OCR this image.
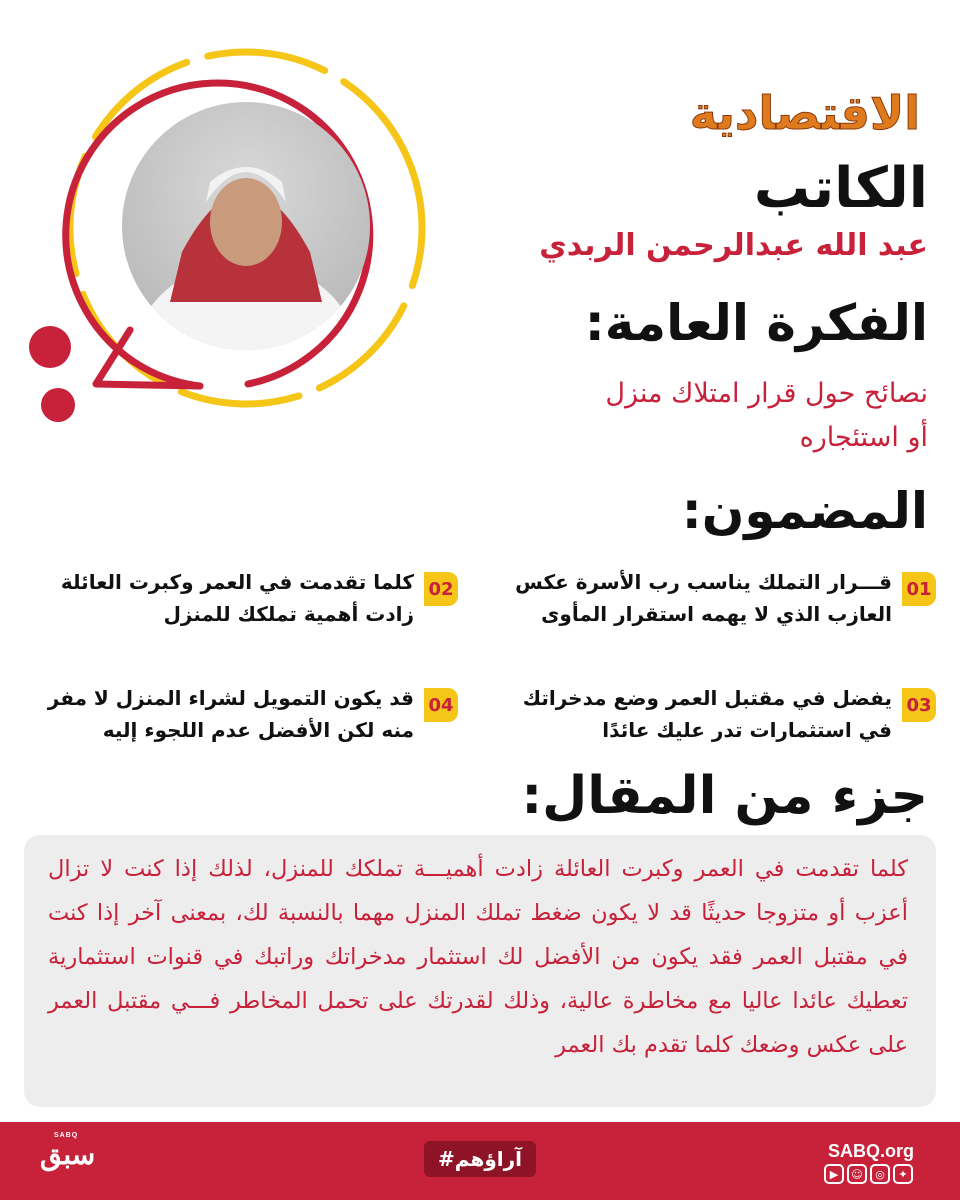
الاقتصادية
الكاتب
عبد الله عبدالرحمن الربدي
الفكرة العامة:
نصائح حول قرار امتلاك منزل
أو استئجاره
المضمون:
01
قـــرار التملك يناسب رب الأسرة عكس العازب الذي لا يهمه استقرار المأوى
02
كلما تقدمت في العمر وكبرت العائلة زادت أهمية تملكك للمنزل
03
يفضل في مقتبل العمر وضع مدخراتك في استثمارات تدر عليك عائدًا
04
قد يكون التمويل لشراء المنزل لا مفر منه لكن الأفضل عدم اللجوء إليه
جزء من المقال:
كلما تقدمت في العمر وكبرت العائلة زادت أهميـــة تملكك للمنزل، لذلك إذا كنت لا تزال أعزب أو متزوجا حديثًا قد لا يكون ضغط تملك المنزل مهما بالنسبة لك، بمعنى آخر إذا كنت في مقتبل العمر فقد يكون من الأفضل لك استثمار مدخراتك وراتبك في قنوات استثمارية تعطيك عائدا عاليا مع مخاطرة عالية، وذلك لقدرتك على تحمل المخاطر فـــي مقتبل العمر على عكس وضعك كلما تقدم بك العمر
#آراؤهم	SABQ.org
▶	☺	◎	✦
SABQ
سبق
